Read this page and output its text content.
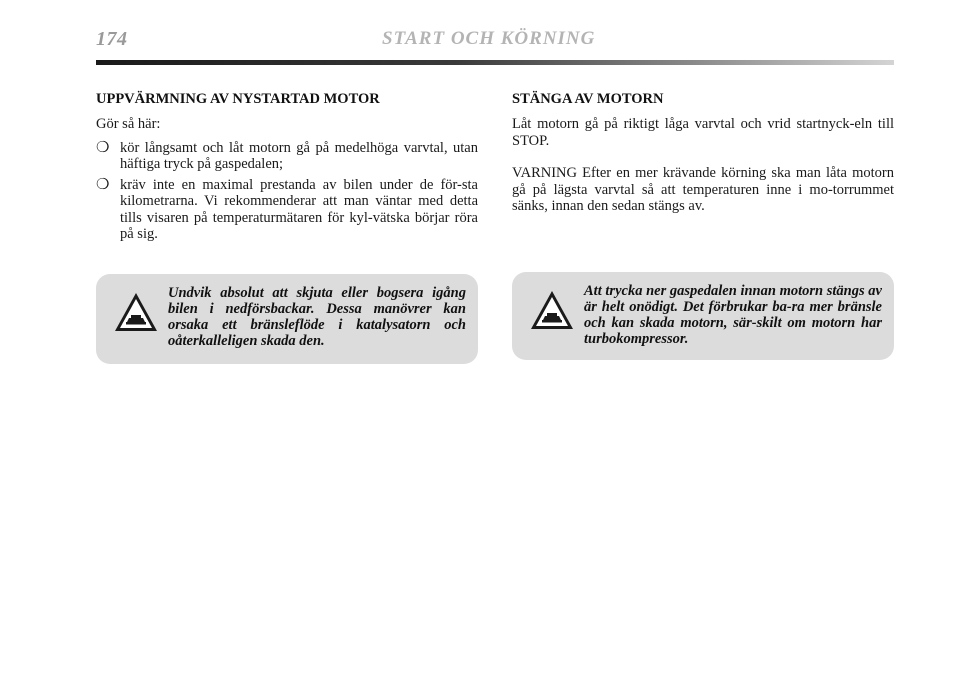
174	START OCH KÖRNING
UPPVÄRMNING AV NYSTARTAD MOTOR
Gör så här:
❍ kör långsamt och låt motorn gå på medelhöga varvtal, utan häftiga tryck på gaspedalen;
❍ kräv inte en maximal prestanda av bilen under de för-sta kilometrarna. Vi rekommenderar att man väntar med detta tills visaren på temperaturmätaren för kyl-vätska börjar röra på sig.
Undvik absolut att skjuta eller bogsera igång bilen i nedförsbackar. Dessa manövrer kan orsaka ett bränsleflöde i katalysatorn och oåterkalleligen skada den.
STÄNGA AV MOTORN
Låt motorn gå på riktigt låga varvtal och vrid startnyck-eln till STOP.
VARNING Efter en mer krävande körning ska man låta motorn gå på lägsta varvtal så att temperaturen inne i mo-torrummet sänks, innan den sedan stängs av.
Att trycka ner gaspedalen innan motorn stängs av är helt onödigt. Det förbrukar ba-ra mer bränsle och kan skada motorn, sär-skilt om motorn har turbokompressor.
